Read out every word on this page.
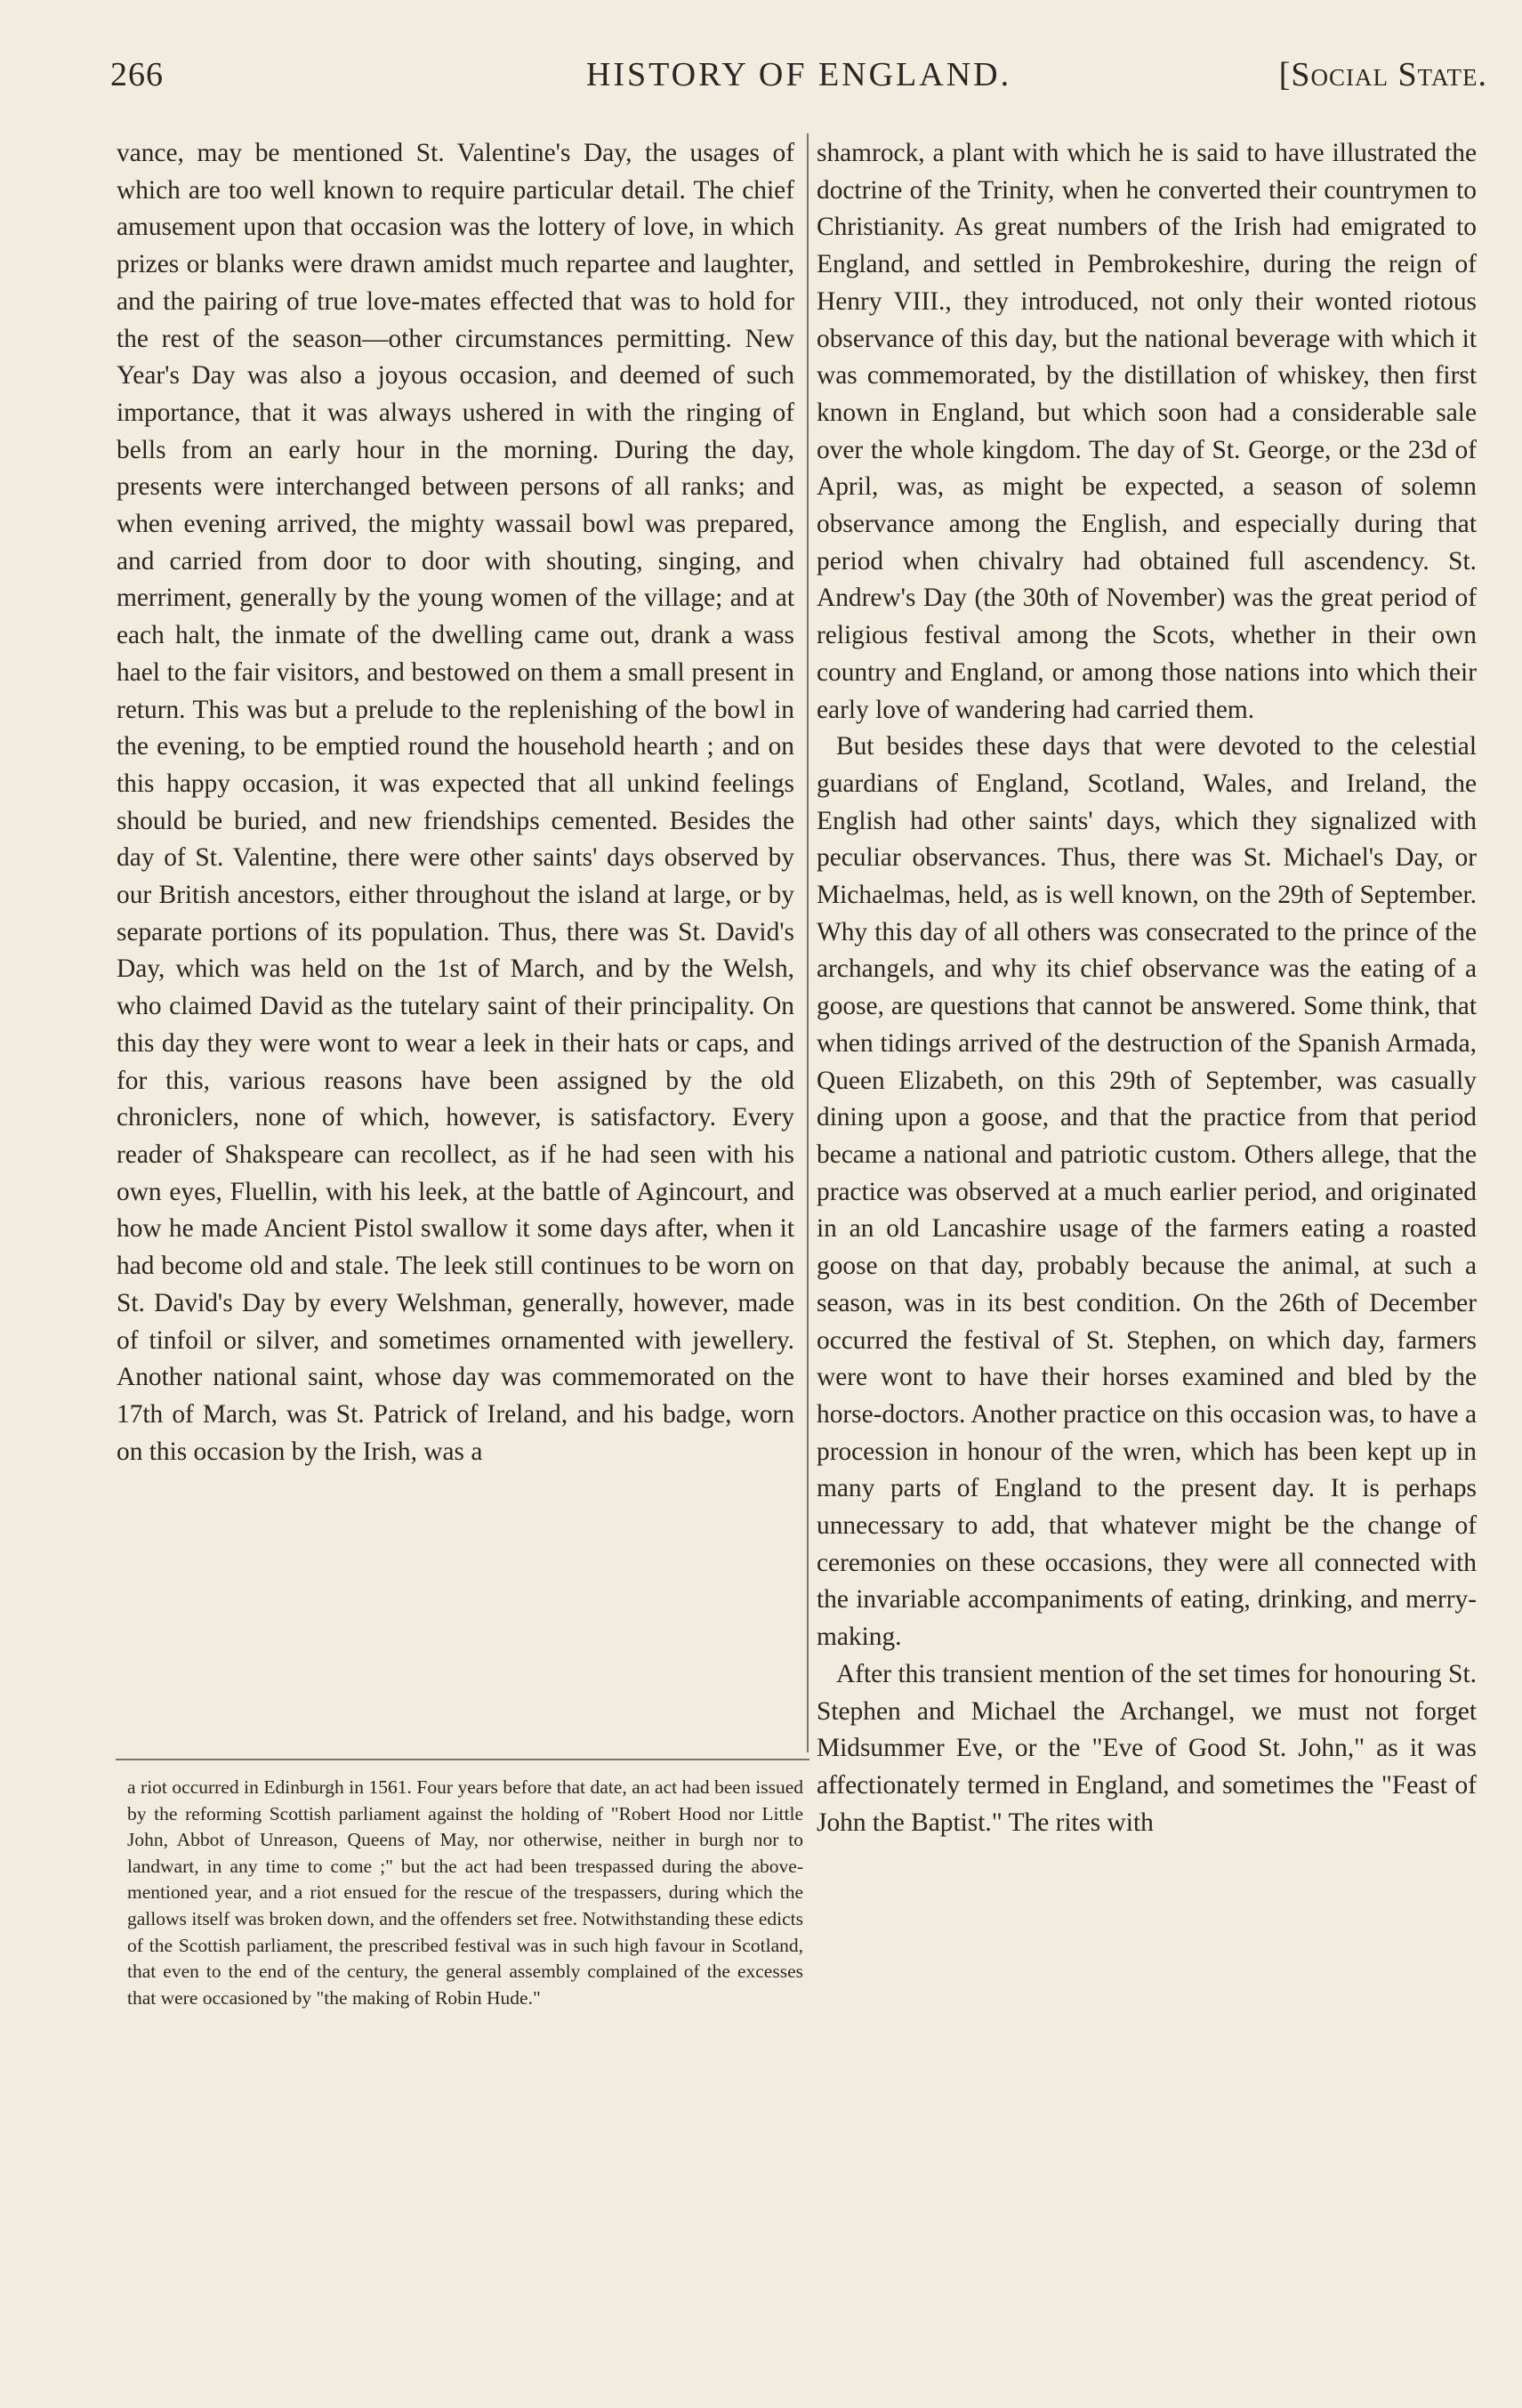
266	HISTORY OF ENGLAND.	[Social State.

vance, may be mentioned St. Valentine's Day, the usages of which are too well known to require particular detail. The chief amusement upon that occasion was the lottery of love, in which prizes or blanks were drawn amidst much repartee and laughter, and the pairing of true love-mates effected that was to hold for the rest of the season—other circumstances permitting. New Year's Day was also a joyous occasion, and deemed of such importance, that it was always ushered in with the ringing of bells from an early hour in the morning. During the day, presents were interchanged between persons of all ranks; and when evening arrived, the mighty wassail bowl was prepared, and carried from door to door with shouting, singing, and merriment, generally by the young women of the village; and at each halt, the inmate of the dwelling came out, drank a wass hael to the fair visitors, and bestowed on them a small present in return. This was but a prelude to the replenishing of the bowl in the evening, to be emptied round the household hearth ; and on this happy occasion, it was expected that all unkind feelings should be buried, and new friendships cemented. Besides the day of St. Valentine, there were other saints' days observed by our British ancestors, either throughout the island at large, or by separate portions of its population. Thus, there was St. David's Day, which was held on the 1st of March, and by the Welsh, who claimed David as the tutelary saint of their principality. On this day they were wont to wear a leek in their hats or caps, and for this, various reasons have been assigned by the old chroniclers, none of which, however, is satisfactory. Every reader of Shakspeare can recollect, as if he had seen with his own eyes, Fluellin, with his leek, at the battle of Agincourt, and how he made Ancient Pistol swallow it some days after, when it had become old and stale. The leek still continues to be worn on St. David's Day by every Welshman, generally, however, made of tinfoil or silver, and sometimes ornamented with jewellery. Another national saint, whose day was commemorated on the 17th of March, was St. Patrick of Ireland, and his badge, worn on this occasion by the Irish, was a

a riot occurred in Edinburgh in 1561. Four years before that date, an act had been issued by the reforming Scottish parliament against the holding of "Robert Hood nor Little John, Abbot of Unreason, Queens of May, nor otherwise, neither in burgh nor to landwart, in any time to come ;" but the act had been trespassed during the above-mentioned year, and a riot ensued for the rescue of the trespassers, during which the gallows itself was broken down, and the offenders set free. Notwithstanding these edicts of the Scottish parliament, the prescribed festival was in such high favour in Scotland, that even to the end of the century, the general assembly complained of the excesses that were occasioned by "the making of Robin Hude."

shamrock, a plant with which he is said to have illustrated the doctrine of the Trinity, when he converted their countrymen to Christianity. As great numbers of the Irish had emigrated to England, and settled in Pembrokeshire, during the reign of Henry VIII., they introduced, not only their wonted riotous observance of this day, but the national beverage with which it was commemorated, by the distillation of whiskey, then first known in England, but which soon had a considerable sale over the whole kingdom. The day of St. George, or the 23d of April, was, as might be expected, a season of solemn observance among the English, and especially during that period when chivalry had obtained full ascendency. St. Andrew's Day (the 30th of November) was the great period of religious festival among the Scots, whether in their own country and England, or among those nations into which their early love of wandering had carried them.

But besides these days that were devoted to the celestial guardians of England, Scotland, Wales, and Ireland, the English had other saints' days, which they signalized with peculiar observances. Thus, there was St. Michael's Day, or Michaelmas, held, as is well known, on the 29th of September. Why this day of all others was consecrated to the prince of the archangels, and why its chief observance was the eating of a goose, are questions that cannot be answered. Some think, that when tidings arrived of the destruction of the Spanish Armada, Queen Elizabeth, on this 29th of September, was casually dining upon a goose, and that the practice from that period became a national and patriotic custom. Others allege, that the practice was observed at a much earlier period, and originated in an old Lancashire usage of the farmers eating a roasted goose on that day, probably because the animal, at such a season, was in its best condition. On the 26th of December occurred the festival of St. Stephen, on which day, farmers were wont to have their horses examined and bled by the horse-doctors. Another practice on this occasion was, to have a procession in honour of the wren, which has been kept up in many parts of England to the present day. It is perhaps unnecessary to add, that whatever might be the change of ceremonies on these occasions, they were all connected with the invariable accompaniments of eating, drinking, and merry-making.

After this transient mention of the set times for honouring St. Stephen and Michael the Archangel, we must not forget Midsummer Eve, or the "Eve of Good St. John," as it was affectionately termed in England, and sometimes the "Feast of John the Baptist." The rites with
